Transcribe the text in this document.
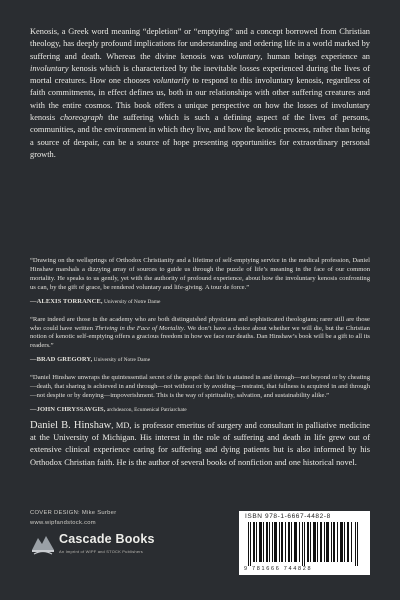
Kenosis, a Greek word meaning “depletion” or “emptying” and a concept borrowed from Christian theology, has deeply profound implications for understanding and ordering life in a world marked by suffering and death. Whereas the divine kenosis was voluntary, human beings experience an involuntary kenosis which is characterized by the inevitable losses experienced during the lives of mortal creatures. How one chooses voluntarily to respond to this involuntary kenosis, regardless of faith commitments, in effect defines us, both in our relationships with other suffering creatures and with the entire cosmos. This book offers a unique perspective on how the losses of involuntary kenosis choreograph the suffering which is such a defining aspect of the lives of persons, communities, and the environment in which they live, and how the kenotic process, rather than being a source of despair, can be a source of hope presenting opportunities for extraordinary personal growth.

“Drawing on the wellsprings of Orthodox Christianity and a lifetime of self-emptying service in the medical profession, Daniel Hinshaw marshals a dizzying array of sources to guide us through the puzzle of life’s meaning in the face of our common mortality. He speaks to us gently, yet with the authority of profound experience, about how the involuntary kenosis confronting us can, by the gift of grace, be rendered voluntary and life-giving. A tour de force.”

—ALEXIS TORRANCE, University of Notre Dame

“Rare indeed are those in the academy who are both distinguished physicians and sophisticated theologians; rarer still are those who could have written Thriving in the Face of Mortality. We don’t have a choice about whether we will die, but the Christian notion of kenotic self-emptying offers a gracious freedom in how we face our deaths. Dan Hinshaw’s book will be a gift to all its readers.”

—BRAD GREGORY, University of Notre Dame

“Daniel Hinshaw unwraps the quintessential secret of the gospel: that life is attained in and through—not beyond or by cheating—death, that sharing is achieved in and through—not without or by avoiding—restraint, that fullness is acquired in and through—not despite or by denying—impoverishment. This is the way of spirituality, salvation, and sustainability alike.”

—JOHN CHRYSSAVGIS, archdeacon, Ecumenical Patriarchate

Daniel B. Hinshaw, MD, is professor emeritus of surgery and consultant in palliative medicine at the University of Michigan. His interest in the role of suffering and death in life grew out of extensive clinical experience caring for suffering and dying patients but is also informed by his Orthodox Christian faith. He is the author of several books of nonfiction and one historical novel.
COVER DESIGN: Mike Surber
www.wipfandstock.com
Cascade Books
An Imprint of WIPF and STOCK Publishers
ISBN 978-1-6667-4482-8
9 781666 744828
